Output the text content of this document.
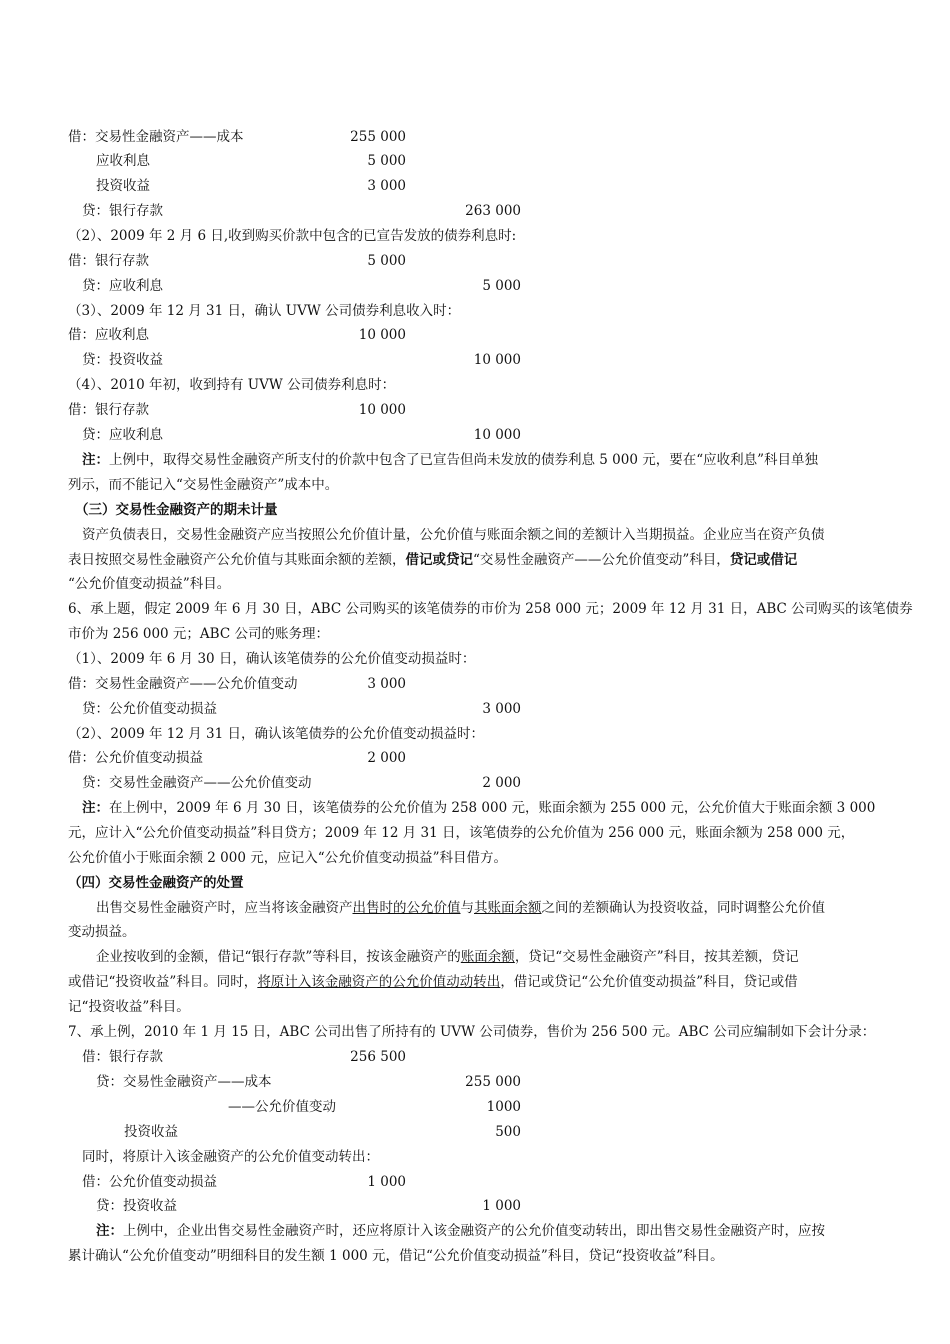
借：交易性金融资产——成本	255 000
应收利息	5 000
投资收益	3 000
贷：银行存款	263 000
（2）、2009 年 2 月 6 日,收到购买价款中包含的已宣告发放的债券利息时:
借：银行存款	5 000
贷：应收利息	5 000
（3）、2009 年 12 月 31 日，确认 UVW 公司债券利息收入时：
借：应收利息	10 000
贷：投资收益	10 000
（4）、2010 年初，收到持有 UVW 公司债券利息时：
借：银行存款	10 000
贷：应收利息	10 000
注：上例中，取得交易性金融资产所支付的价款中包含了已宣告但尚未发放的债券利息 5 000 元，要在“应收利息”科目单独
列示，而不能记入“交易性金融资产”成本中。
（三）交易性金融资产的期未计量
资产负债表日，交易性金融资产应当按照公允价值计量，公允价值与账面余额之间的差额计入当期损益。企业应当在资产负债
表日按照交易性金融资产公允价值与其账面余额的差额，借记或贷记“交易性金融资产——公允价值变动”科目，贷记或借记
“公允价值变动损益”科目。
6、承上题，假定 2009 年 6 月 30 日，ABC 公司购买的该笔债券的市价为 258 000 元；2009 年 12 月 31 日，ABC 公司购买的该笔债券
市价为 256 000 元；ABC 公司的账务理：
（1）、2009 年 6 月 30 日，确认该笔债券的公允价值变动损益时：
借：交易性金融资产——公允价值变动	3 000
贷：公允价值变动损益	3 000
（2）、2009 年 12 月 31 日，确认该笔债券的公允价值变动损益时：
借：公允价值变动损益	2 000
贷：交易性金融资产——公允价值变动	2 000
注：在上例中，2009 年 6 月 30 日，该笔债券的公允价值为 258 000 元，账面余额为 255 000 元，公允价值大于账面余额 3 000
元，应计入“公允价值变动损益”科目贷方；2009 年 12 月 31 日，该笔债券的公允价值为 256 000 元，账面余额为 258 000 元，
公允价值小于账面余额 2 000 元，应记入“公允价值变动损益”科目借方。
（四）交易性金融资产的处置
出售交易性金融资产时，应当将该金融资产出售时的公允价值与其账面余额之间的差额确认为投资收益，同时调整公允价值
变动损益。
企业按收到的金额，借记“银行存款”等科目，按该金融资产的账面余额，贷记“交易性金融资产”科目，按其差额，贷记
或借记“投资收益”科目。同时，将原计入该金融资产的公允价值动动转出，借记或贷记“公允价值变动损益”科目，贷记或借
记“投资收益”科目。
7、承上例，2010 年 1 月 15 日，ABC 公司出售了所持有的 UVW 公司债券，售价为 256 500 元。ABC 公司应编制如下会计分录：
借：银行存款	256 500
贷：交易性金融资产——成本	255 000
——公允价值变动	1000
投资收益	500
同时，将原计入该金融资产的公允价值变动转出：
借：公允价值变动损益	1 000
贷：投资收益	1 000
注：上例中，企业出售交易性金融资产时，还应将原计入该金融资产的公允价值变动转出，即出售交易性金融资产时，应按
累计确认“公允价值变动”明细科目的发生额 1 000 元，借记“公允价值变动损益”科目，贷记“投资收益”科目。
